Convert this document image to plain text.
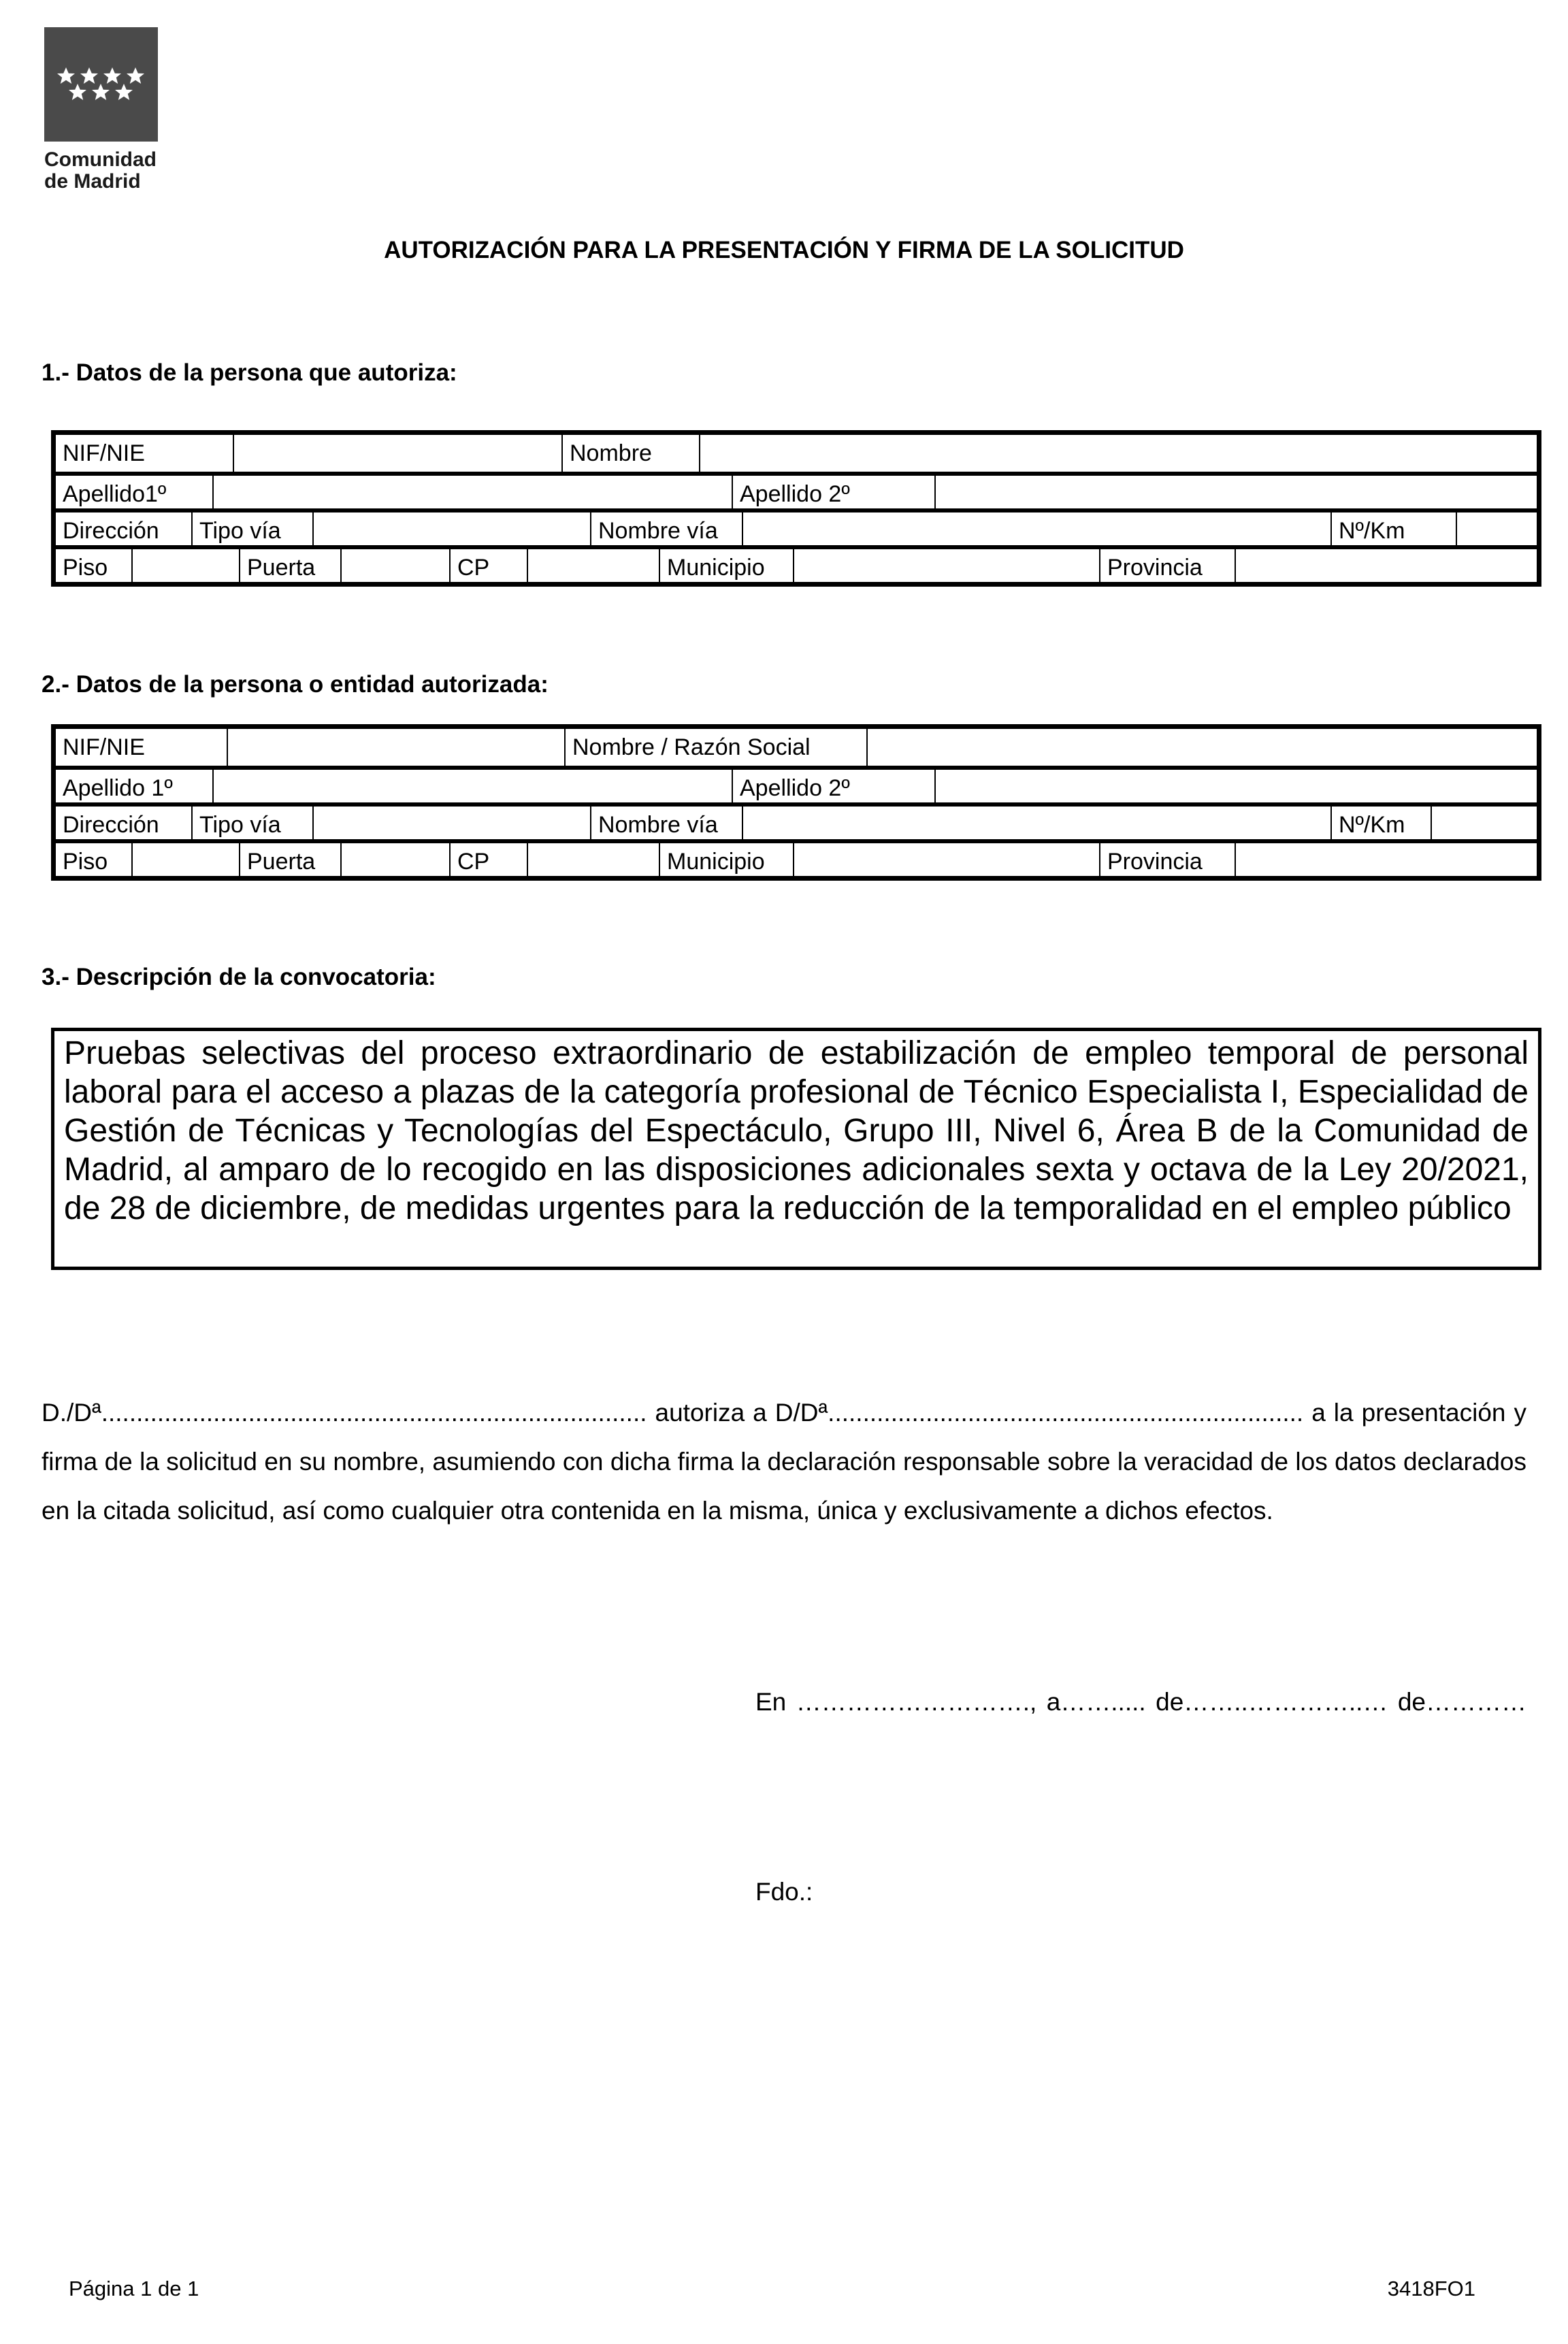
Comunidad
de Madrid
AUTORIZACIÓN PARA LA PRESENTACIÓN Y FIRMA DE LA SOLICITUD
1.- Datos de la persona que autoriza:
NIF/NIE	Nombre
Apellido1º	Apellido 2º
Dirección	Tipo vía	Nombre vía	Nº/Km
Piso	Puerta	CP	Municipio	Provincia
2.- Datos de la persona o entidad autorizada:
NIF/NIE	Nombre / Razón Social
Apellido 1º	Apellido 2º
Dirección	Tipo vía	Nombre vía	Nº/Km
Piso	Puerta	CP	Municipio	Provincia
3.- Descripción de la convocatoria:
Pruebas selectivas del proceso extraordinario de estabilización de empleo temporal de personal laboral para el acceso a plazas de la categoría profesional de Técnico Especialista I, Especialidad de Gestión de Técnicas y Tecnologías del Espectáculo, Grupo III, Nivel 6, Área B de la Comunidad de Madrid, al amparo de lo recogido en las disposiciones adicionales sexta y octava de la Ley 20/2021, de 28 de diciembre, de medidas urgentes para la reducción de la temporalidad en el empleo público
D./Dª.............................................................................. autoriza a D/Dª.................................................................... a la presentación y firma de la solicitud en su nombre, asumiendo con dicha firma la declaración responsable sobre la veracidad de los datos declarados en la citada solicitud, así como cualquier otra contenida en la misma, única y exclusivamente a dichos efectos.
En ………………………., a……..... de……..…………..… de…………
Fdo.:
Página 1 de 1	3418FO1
